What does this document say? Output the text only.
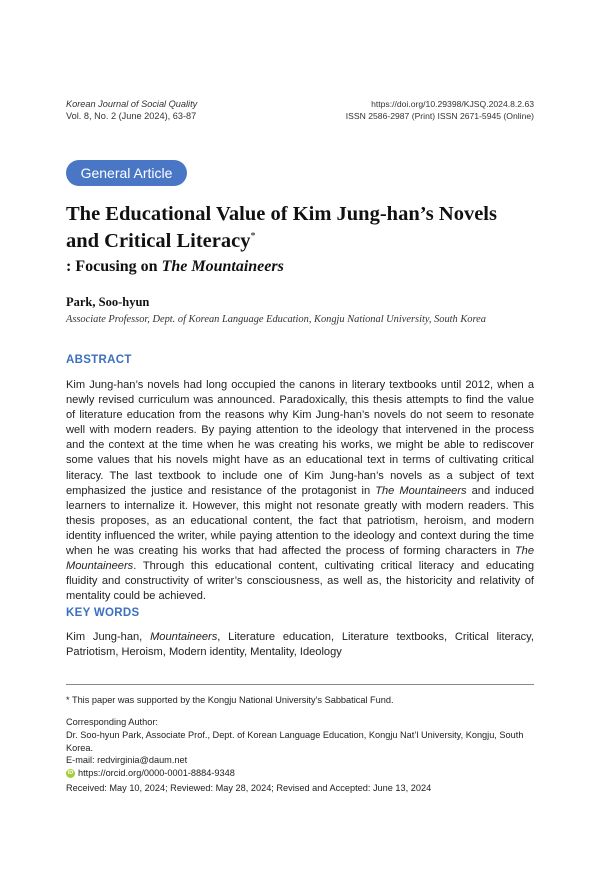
Korean Journal of Social Quality
Vol. 8, No. 2 (June 2024), 63-87
https://doi.org/10.29398/KJSQ.2024.8.2.63
ISSN 2586-2987 (Print) ISSN 2671-5945 (Online)
General Article
The Educational Value of Kim Jung-han’s Novels
and Critical Literacy*
: Focusing on The Mountaineers
Park, Soo-hyun
Associate Professor, Dept. of Korean Language Education, Kongju National University, South Korea
ABSTRACT
Kim Jung-han’s novels had long occupied the canons in literary textbooks until 2012, when a newly revised curriculum was announced. Paradoxically, this thesis attempts to find the value of literature education from the reasons why Kim Jung-han’s novels do not seem to resonate well with modern readers. By paying attention to the ideology that intervened in the process and the context at the time when he was creating his works, we might be able to rediscover some values that his novels might have as an educational text in terms of cultivating critical literacy. The last textbook to include one of Kim Jung-han’s novels as a subject of text emphasized the justice and resistance of the protagonist in The Mountaineers and induced learners to internalize it. However, this might not resonate greatly with modern readers. This thesis proposes, as an educational content, the fact that patriotism, heroism, and modern identity influenced the writer, while paying attention to the ideology and context during the time when he was creating his works that had affected the process of forming characters in The Mountaineers. Through this educational content, cultivating critical literacy and educating fluidity and constructivity of writer’s consciousness, as well as, the historicity and relativity of mentality could be achieved.
KEY WORDS
Kim Jung-han, Mountaineers, Literature education, Literature textbooks, Critical literacy, Patriotism, Heroism, Modern identity, Mentality, Ideology
* This paper was supported by the Kongju National University’s Sabbatical Fund.
Corresponding Author:
Dr. Soo-hyun Park, Associate Prof., Dept. of Korean Language Education, Kongju Nat’l University, Kongju, South Korea.
E-mail: redvirginia@daum.net
iD https://orcid.org/0000-0001-8884-9348
Received: May 10, 2024; Reviewed: May 28, 2024; Revised and Accepted: June 13, 2024
